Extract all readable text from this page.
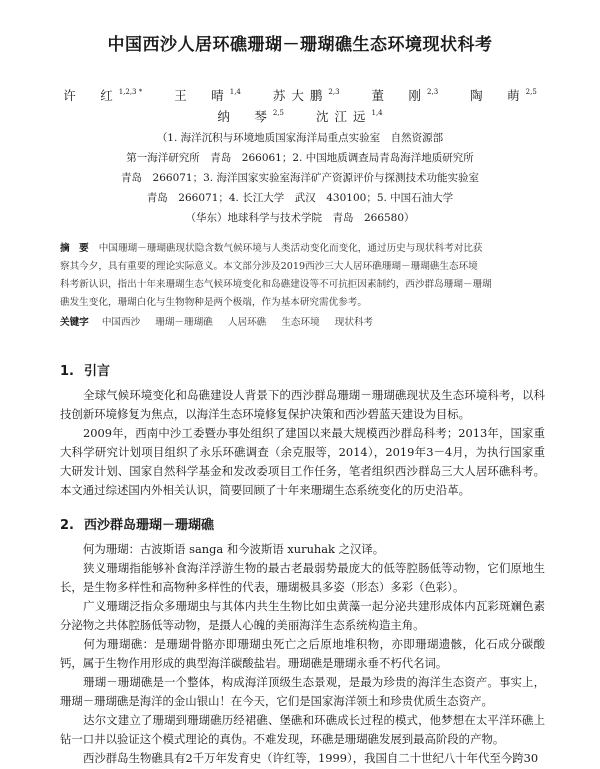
中国西沙人居环礁珊瑚－珊瑚礁生态环境现状科考
许　红$^{1,2,3 *}$	王　晴$^{1,4}$	苏大鹏$^{2,3}$	董　刚$^{2,3}$	陶　萌$^{2,5}$
纳　琴$^{2,5}$	沈江远$^{1,4}$
（1. 海洋沉积与环境地质国家海洋局重点实验室　自然资源部
第一海洋研究所　青岛　266061；2. 中国地质调查局青岛海洋地质研究所
青岛　266071；3. 海洋国家实验室海洋矿产资源评价与探测技术功能实验室
青岛　266071；4. 长江大学　武汉　430100；5. 中国石油大学
（华东）地球科学与技术学院　青岛　266580）
摘　要 中国珊瑚－珊瑚礁现状隐含数气候环境与人类活动变化而变化，通过历史与现状科考对比获
察其今夕，具有重要的理论实际意义。本文部分涉及2019西沙三大人居环礁珊瑚－珊瑚礁生态环境
科考新认识，指出十年来珊瑚生态气候环境变化和岛礁建设等不可抗拒因素制约，西沙群岛珊瑚－珊瑚
礁发生变化，珊瑚白化与生物物种是两个极端，作为基本研究需优参考。
关键字 中国西沙 珊瑚－珊瑚礁 人居环礁 生态环境 现状科考
1. 引言
全球气候环境变化和岛礁建设人背景下的西沙群岛珊瑚－珊瑚礁现状及生态环境科考，以科技创新环境修复为焦点，以海洋生态环境修复保护决策和西沙碧蓝天建设为目标。
2009年，西南中沙工委暨办事处组织了建国以来最大规模西沙群岛科考；2013年，国家重大科学研究计划项目组织了永乐环礁调查（余克服等，2014），2019年3－4月，为执行国家重大研发计划、国家自然科学基金和发改委项目工作任务，笔者组织西沙群岛三大人居环礁科考。本文通过综述国内外相关认识，简要回顾了十年来珊瑚生态系统变化的历史沿革。
2. 西沙群岛珊瑚－珊瑚礁
何为珊瑚：古波斯语 sanga 和今波斯语 xuruhak 之汉译。
狭义珊瑚指能够补食海洋浮游生物的最古老最弱势最庞大的低等腔肠低等动物，它们原地生长，是生物多样性和高物种多样性的代表，珊瑚极具多姿（形态）多彩（色彩）。
广义珊瑚泛指众多珊瑚虫与其体内共生生物比如虫黄藻一起分泌共建形成体内瓦彩斑斓色素分泌物之共体腔肠低等动物，是摄人心魄的美丽海洋生态系统构造主角。
何为珊瑚礁：是珊瑚骨骼亦即珊瑚虫死亡之后原地堆积物，亦即珊瑚遗骸，化石成分碳酸钙，属于生物作用形成的典型海洋碳酸盐岩。珊瑚礁是珊瑚永垂不朽代名词。
珊瑚－珊瑚礁是一个整体，构成海洋顶级生态景观，是最为珍贵的海洋生态资产。事实上，珊瑚－珊瑚礁是海洋的金山银山！在今天，它们是国家海洋领土和珍贵优质生态资产。
达尔文建立了珊瑚到珊瑚礁历经裙礁、堡礁和环礁成长过程的模式，他梦想在太平洋环礁上钻一口井以验证这个模式理论的真伪。不难发现，环礁是珊瑚礁发展到最高阶段的产物。
西沙群岛生物礁具有2千万年发育史（许红等，1999），我国自二十世纪八十年代至今跨30
